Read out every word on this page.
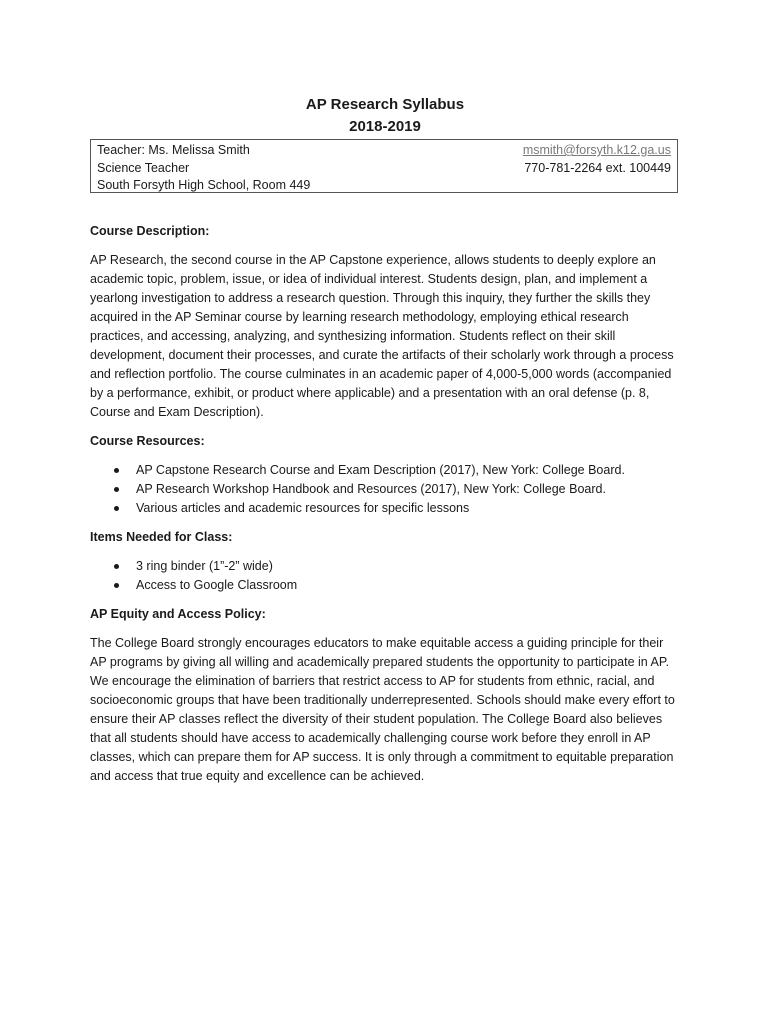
AP Research Syllabus
2018-2019
Teacher: Ms. Melissa Smith
Science Teacher
South Forsyth High School, Room 449
msmith@forsyth.k12.ga.us
770-781-2264 ext. 100449

Course Description:

AP Research, the second course in the AP Capstone experience, allows students to deeply explore an academic topic, problem, issue, or idea of individual interest. Students design, plan, and implement a yearlong investigation to address a research question. Through this inquiry, they further the skills they acquired in the AP Seminar course by learning research methodology, employing ethical research practices, and accessing, analyzing, and synthesizing information. Students reflect on their skill development, document their processes, and curate the artifacts of their scholarly work through a process and reflection portfolio. The course culminates in an academic paper of 4,000-5,000 words (accompanied by a performance, exhibit, or product where applicable) and a presentation with an oral defense (p. 8, Course and Exam Description).

Course Resources:

AP Capstone Research Course and Exam Description (2017), New York: College Board.
AP Research Workshop Handbook and Resources (2017), New York: College Board.
Various articles and academic resources for specific lessons

Items Needed for Class:

3 ring binder (1”-2” wide)
Access to Google Classroom

AP Equity and Access Policy:

The College Board strongly encourages educators to make equitable access a guiding principle for their AP programs by giving all willing and academically prepared students the opportunity to participate in AP. We encourage the elimination of barriers that restrict access to AP for students from ethnic, racial, and socioeconomic groups that have been traditionally underrepresented. Schools should make every effort to ensure their AP classes reflect the diversity of their student population. The College Board also believes that all students should have access to academically challenging course work before they enroll in AP classes, which can prepare them for AP success. It is only through a commitment to equitable preparation and access that true equity and excellence can be achieved.
